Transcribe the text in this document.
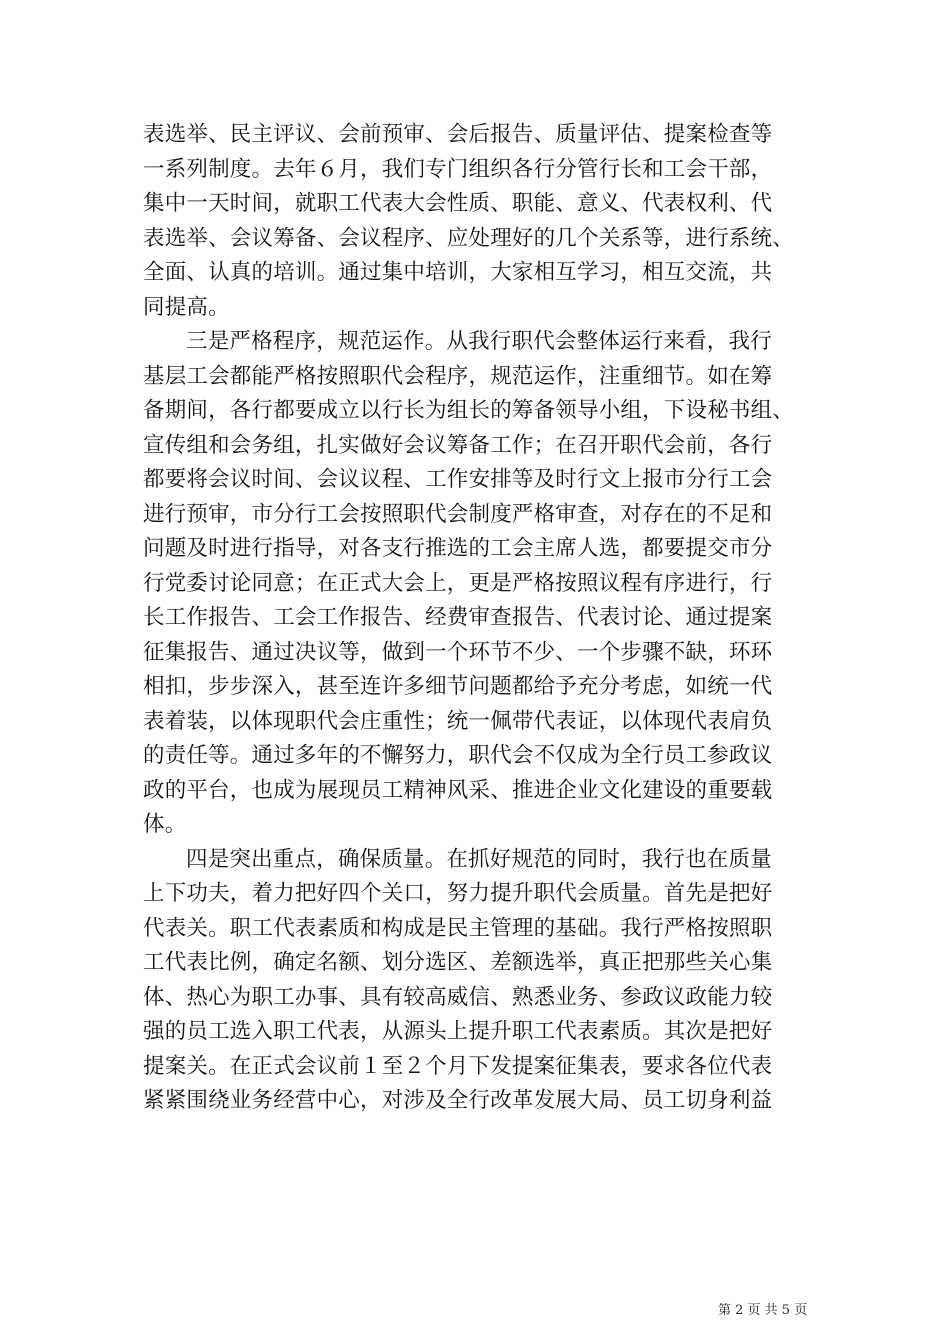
表选举、民主评议、会前预审、会后报告、质量评估、提案检查等
一系列制度。去年６月，我们专门组织各行分管行长和工会干部，
集中一天时间，就职工代表大会性质、职能、意义、代表权利、代
表选举、会议筹备、会议程序、应处理好的几个关系等，进行系统、
全面、认真的培训。通过集中培训，大家相互学习，相互交流，共
同提高。
三是严格程序，规范运作。从我行职代会整体运行来看，我行
基层工会都能严格按照职代会程序，规范运作，注重细节。如在筹
备期间，各行都要成立以行长为组长的筹备领导小组，下设秘书组、
宣传组和会务组，扎实做好会议筹备工作；在召开职代会前，各行
都要将会议时间、会议议程、工作安排等及时行文上报市分行工会
进行预审，市分行工会按照职代会制度严格审查，对存在的不足和
问题及时进行指导，对各支行推选的工会主席人选，都要提交市分
行党委讨论同意；在正式大会上，更是严格按照议程有序进行，行
长工作报告、工会工作报告、经费审查报告、代表讨论、通过提案
征集报告、通过决议等，做到一个环节不少、一个步骤不缺，环环
相扣，步步深入，甚至连许多细节问题都给予充分考虑，如统一代
表着装，以体现职代会庄重性；统一佩带代表证，以体现代表肩负
的责任等。通过多年的不懈努力，职代会不仅成为全行员工参政议
政的平台，也成为展现员工精神风采、推进企业文化建设的重要载
体。
四是突出重点，确保质量。在抓好规范的同时，我行也在质量
上下功夫，着力把好四个关口，努力提升职代会质量。首先是把好
代表关。职工代表素质和构成是民主管理的基础。我行严格按照职
工代表比例，确定名额、划分选区、差额选举，真正把那些关心集
体、热心为职工办事、具有较高威信、熟悉业务、参政议政能力较
强的员工选入职工代表，从源头上提升职工代表素质。其次是把好
提案关。在正式会议前１至２个月下发提案征集表，要求各位代表
紧紧围绕业务经营中心，对涉及全行改革发展大局、员工切身利益
第 2 页 共 5 页
